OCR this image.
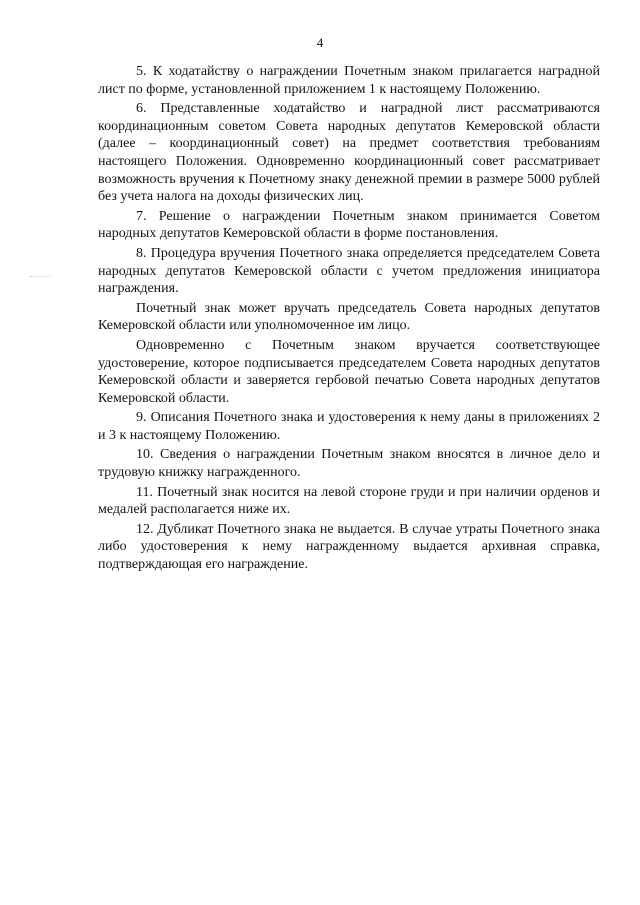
4

5. К ходатайству о награждении Почетным знаком прилагается наградной лист по форме, установленной приложением 1 к настоящему Положению.

6. Представленные ходатайство и наградной лист рассматриваются координационным советом Совета народных депутатов Кемеровской области (далее – координационный совет) на предмет соответствия требованиям настоящего Положения. Одновременно координационный совет рассматривает возможность вручения к Почетному знаку денежной премии в размере 5000 рублей без учета налога на доходы физических лиц.

7. Решение о награждении Почетным знаком принимается Советом народных депутатов Кемеровской области в форме постановления.

8. Процедура вручения Почетного знака определяется председателем Совета народных депутатов Кемеровской области с учетом предложения инициатора награждения.

Почетный знак может вручать председатель Совета народных депутатов Кемеровской области или уполномоченное им лицо.

Одновременно с Почетным знаком вручается соответствующее удостоверение, которое подписывается председателем Совета народных депутатов Кемеровской области и заверяется гербовой печатью Совета народных депутатов Кемеровской области.

9. Описания Почетного знака и удостоверения к нему даны в приложениях 2 и 3 к настоящему Положению.

10. Сведения о награждении Почетным знаком вносятся в личное дело и трудовую книжку награжденного.

11. Почетный знак носится на левой стороне груди и при наличии орденов и медалей располагается ниже их.

12. Дубликат Почетного знака не выдается. В случае утраты Почетного знака либо удостоверения к нему награжденному выдается архивная справка, подтверждающая его награждение.
